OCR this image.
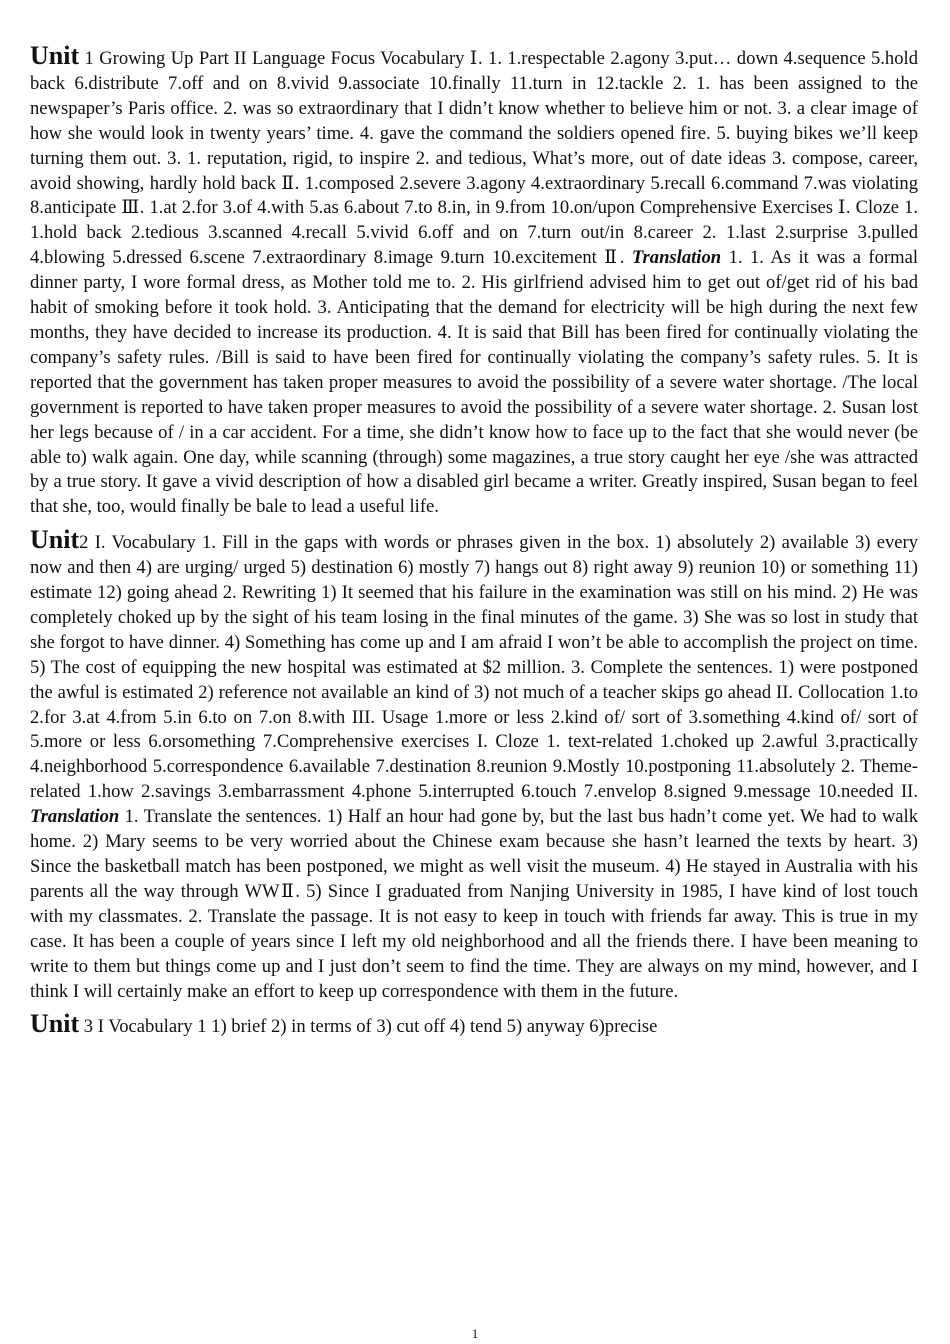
Unit 1 Growing Up Part II Language Focus Vocabulary Ⅰ. 1. 1.respectable 2.agony 3.put… down 4.sequence 5.hold back 6.distribute 7.off and on 8.vivid 9.associate 10.finally 11.turn in 12.tackle 2. 1. has been assigned to the newspaper’s Paris office. 2. was so extraordinary that I didn’t know whether to believe him or not. 3. a clear image of how she would look in twenty years’ time. 4. gave the command the soldiers opened fire. 5. buying bikes we’ll keep turning them out. 3. 1. reputation, rigid, to inspire 2. and tedious, What’s more, out of date ideas 3. compose, career, avoid showing, hardly hold back Ⅱ. 1.composed 2.severe 3.agony 4.extraordinary 5.recall 6.command 7.was violating 8.anticipate Ⅲ. 1.at 2.for 3.of 4.with 5.as 6.about 7.to 8.in, in 9.from 10.on/upon Comprehensive Exercises Ⅰ. Cloze 1. 1.hold back 2.tedious 3.scanned 4.recall 5.vivid 6.off and on 7.turn out/in 8.career 2. 1.last 2.surprise 3.pulled 4.blowing 5.dressed 6.scene 7.extraordinary 8.image 9.turn 10.excitement Ⅱ. Translation 1. 1. As it was a formal dinner party, I wore formal dress, as Mother told me to. 2. His girlfriend advised him to get out of/get rid of his bad habit of smoking before it took hold. 3. Anticipating that the demand for electricity will be high during the next few months, they have decided to increase its production. 4. It is said that Bill has been fired for continually violating the company’s safety rules. /Bill is said to have been fired for continually violating the company’s safety rules. 5. It is reported that the government has taken proper measures to avoid the possibility of a severe water shortage. /The local government is reported to have taken proper measures to avoid the possibility of a severe water shortage. 2. Susan lost her legs because of / in a car accident. For a time, she didn’t know how to face up to the fact that she would never (be able to) walk again. One day, while scanning (through) some magazines, a true story caught her eye /she was attracted by a true story. It gave a vivid description of how a disabled girl became a writer. Greatly inspired, Susan began to feel that she, too, would finally be bale to lead a useful life.

Unit2 I. Vocabulary 1. Fill in the gaps with words or phrases given in the box. 1) absolutely 2) available 3) every now and then 4) are urging/ urged 5) destination 6) mostly 7) hangs out 8) right away 9) reunion 10) or something 11) estimate 12) going ahead 2. Rewriting 1) It seemed that his failure in the examination was still on his mind. 2) He was completely choked up by the sight of his team losing in the final minutes of the game. 3) She was so lost in study that she forgot to have dinner. 4) Something has come up and I am afraid I won’t be able to accomplish the project on time. 5) The cost of equipping the new hospital was estimated at $2 million. 3. Complete the sentences. 1) were postponed the awful is estimated 2) reference not available an kind of 3) not much of a teacher skips go ahead II. Collocation 1.to 2.for 3.at 4.from 5.in 6.to on 7.on 8.with III. Usage 1.more or less 2.kind of/ sort of 3.something 4.kind of/ sort of 5.more or less 6.orsomething 7.Comprehensive exercises I. Cloze 1. text-related 1.choked up 2.awful 3.practically 4.neighborhood 5.correspondence 6.available 7.destination 8.reunion 9.Mostly 10.postponing 11.absolutely 2. Theme-related 1.how 2.savings 3.embarrassment 4.phone 5.interrupted 6.touch 7.envelop 8.signed 9.message 10.needed II. Translation 1. Translate the sentences. 1) Half an hour had gone by, but the last bus hadn’t come yet. We had to walk home. 2) Mary seems to be very worried about the Chinese exam because she hasn’t learned the texts by heart. 3) Since the basketball match has been postponed, we might as well visit the museum. 4) He stayed in Australia with his parents all the way through WWⅡ. 5) Since I graduated from Nanjing University in 1985, I have kind of lost touch with my classmates. 2. Translate the passage. It is not easy to keep in touch with friends far away. This is true in my case. It has been a couple of years since I left my old neighborhood and all the friends there. I have been meaning to write to them but things come up and I just don’t seem to find the time. They are always on my mind, however, and I think I will certainly make an effort to keep up correspondence with them in the future.

Unit 3 I Vocabulary 1 1) brief 2) in terms of 3) cut off 4) tend 5) anyway 6)precise

1
